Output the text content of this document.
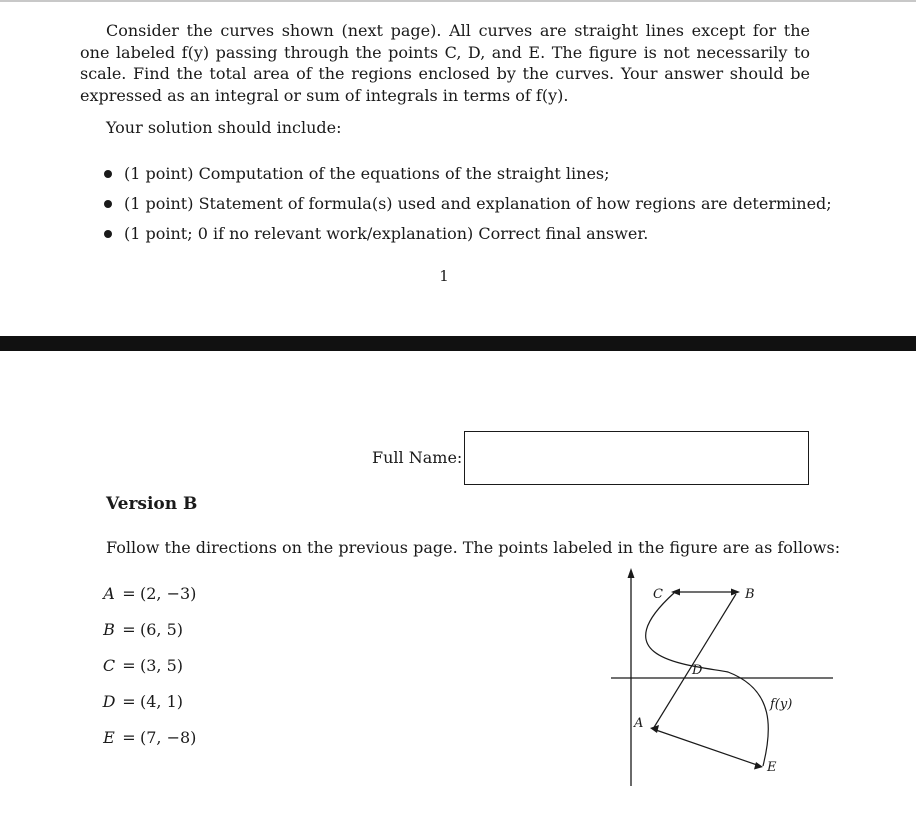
Consider the curves shown (next page). All curves are straight lines except for the one labeled f(y) passing through the points C, D, and E. The figure is not necessarily to scale. Find the total area of the regions enclosed by the curves. Your answer should be expressed as an integral or sum of integrals in terms of f(y).

Your solution should include:

(1 point) Computation of the equations of the straight lines;
(1 point) Statement of formula(s) used and explanation of how regions are determined;
(1 point; 0 if no relevant work/explanation) Correct final answer.
1
Full Name:
Version B
Follow the directions on the previous page. The points labeled in the figure are as follows:
A = (2, −3)
B = (6, 5)
C = (3, 5)
D = (4, 1)
E = (7, −8)
C	B
D
A
E
f(y)
